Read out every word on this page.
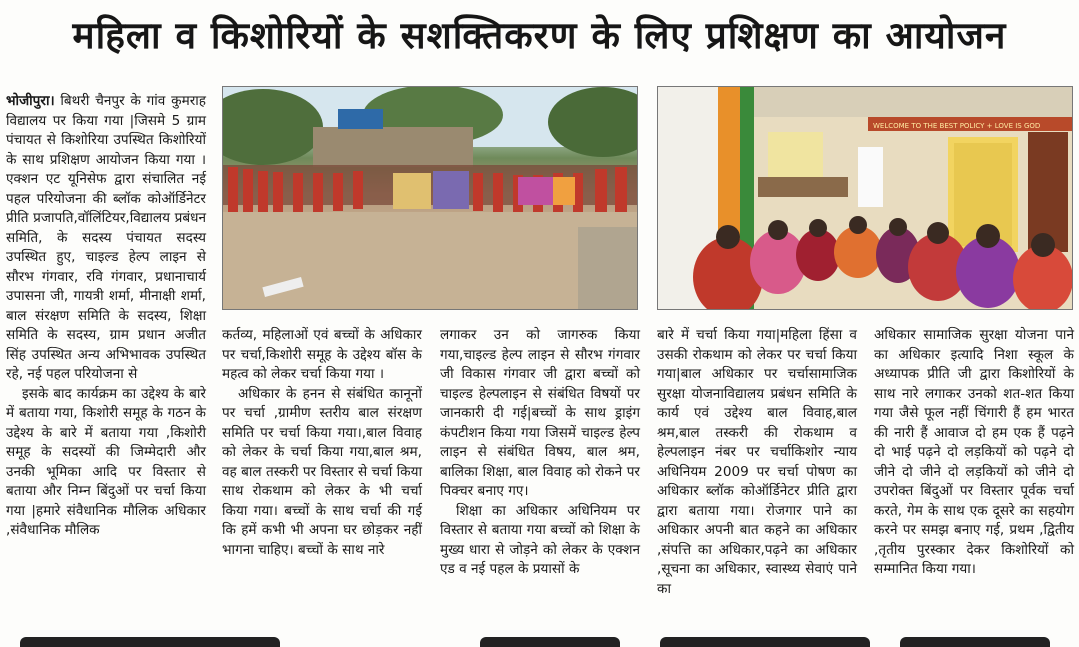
महिला व किशोरियों के सशक्तिकरण के लिए प्रशिक्षण का आयोजन

भोजीपुरा। बिथरी चैनपुर के गांव कुमराह विद्यालय पर किया गया |जिसमे 5 ग्राम पंचायत से किशोरिया उपस्थित किशोरियों के साथ प्रशिक्षण आयोजन किया गया । एक्शन एट यूनिसेफ द्वारा संचालित नई पहल परियोजना की ब्लॉक कोऑर्डिनेटर प्रीति प्रजापति,वॉलिंटियर,विद्यालय प्रबंधन समिति, के सदस्य पंचायत सदस्य उपस्थित हुए, चाइल्ड हेल्प लाइन से सौरभ गंगवार, रवि गंगवार, प्रधानाचार्य उपासना जी, गायत्री शर्मा, मीनाक्षी शर्मा, बाल संरक्षण समिति के सदस्य, शिक्षा समिति के सदस्य, ग्राम प्रधान अजीत सिंह उपस्थित अन्य अभिभावक उपस्थित रहे, नई पहल परियोजना से

इसके बाद कार्यक्रम का उद्देश्य के बारे में बताया गया, किशोरी समूह के गठन के उद्देश्य के बारे में बताया गया ,किशोरी समूह के सदस्यों की जिम्मेदारी और उनकी भूमिका आदि पर विस्तार से बताया और निम्न बिंदुओं पर चर्चा किया गया |हमारे संवैधानिक मौलिक अधिकार ,संवैधानिक मौलिक

WELCOME TO THE BEST POLICY + LOVE IS GOD

कर्तव्य, महिलाओं एवं बच्चों के अधिकार पर चर्चा,किशोरी समूह के उद्देश्य बॉस के महत्व को लेकर चर्चा किया गया ।

अधिकार के हनन से संबंधित कानूनों पर चर्चा ,ग्रामीण स्तरीय बाल संरक्षण समिति पर चर्चा किया गया।,बाल विवाह को लेकर के चर्चा किया गया,बाल श्रम, वह बाल तस्करी पर विस्तार से चर्चा किया साथ रोकथाम को लेकर के भी चर्चा किया गया। बच्चों के साथ चर्चा की गई कि हमें कभी भी अपना घर छोड़कर नहीं भागना चाहिए। बच्चों के साथ नारे

लगाकर उन को जागरुक किया गया,चाइल्ड हेल्प लाइन से सौरभ गंगवार जी विकास गंगवार जी द्वारा बच्चों को चाइल्ड हेल्पलाइन से संबंधित विषयों पर जानकारी दी गई|बच्चों के साथ ड्राइंग कंपटीशन किया गया जिसमें चाइल्ड हेल्प लाइन से संबंधित विषय, बाल श्रम, बालिका शिक्षा, बाल विवाह को रोकने पर पिक्चर बनाए गए।

शिक्षा का अधिकार अधिनियम पर विस्तार से बताया गया बच्चों को शिक्षा के मुख्य धारा से जोड़ने को लेकर के एक्शन एड व नई पहल के प्रयासों के

बारे में चर्चा किया गया|महिला हिंसा व उसकी रोकथाम को लेकर पर चर्चा किया गया|बाल अधिकार पर चर्चासामाजिक सुरक्षा योजनाविद्यालय प्रबंधन समिति के कार्य एवं उद्देश्य बाल विवाह,बाल श्रम,बाल तस्करी की रोकथाम व हेल्पलाइन नंबर पर चर्चाकिशोर न्याय अधिनियम 2009 पर चर्चा पोषण का अधिकार ब्लॉक कोऑर्डिनेटर प्रीति द्वारा द्वारा बताया गया। रोजगार पाने का अधिकार अपनी बात कहने का अधिकार ,संपत्ति का अधिकार,पढ़ने का अधिकार ,सूचना का अधिकार, स्वास्थ्य सेवाएं पाने का

अधिकार सामाजिक सुरक्षा योजना पाने का अधिकार इत्यादि निशा स्कूल के अध्यापक प्रीति जी द्वारा किशोरियों के साथ नारे लगाकर उनको शत-शत किया गया जैसे फूल नहीं चिंगारी हैं हम भारत की नारी हैं आवाज दो हम एक हैं पढ़ने दो भाई पढ़ने दो लड़कियों को पढ़ने दो जीने दो जीने दो लड़कियों को जीने दो उपरोक्त बिंदुओं पर विस्तार पूर्वक चर्चा करते, गेम के साथ एक दूसरे का सहयोग करने पर समझ बनाए गई, प्रथम ,द्वितीय ,तृतीय पुरस्कार देकर किशोरियों को सम्मानित किया गया।
